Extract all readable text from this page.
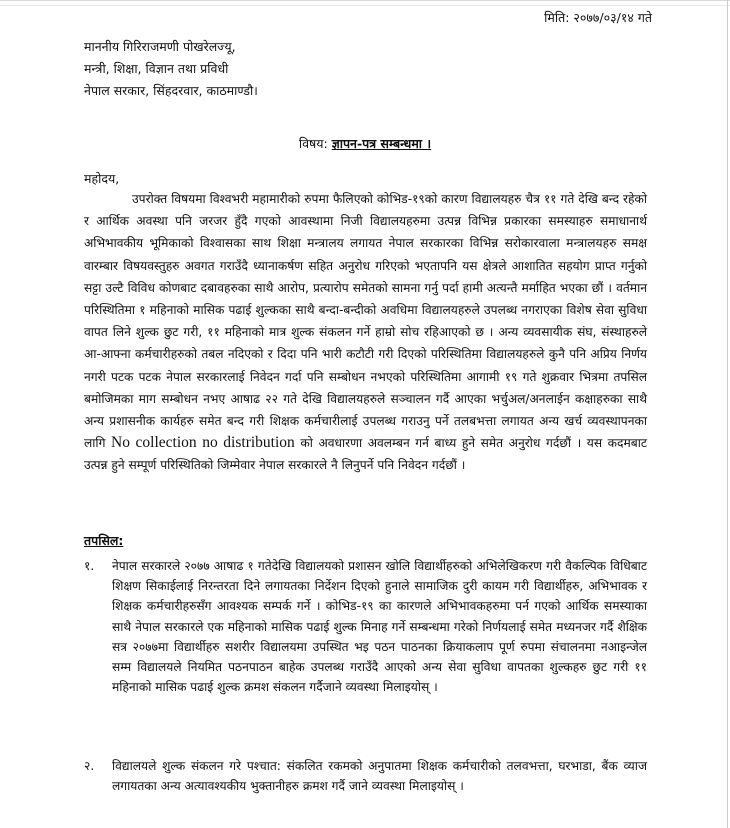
मिति: २०७७/०३/१४ गते
माननीय गिरिराजमणी पोखरेलज्यू,
मन्त्री, शिक्षा, विज्ञान तथा प्रविधी
नेपाल सरकार, सिंहदरवार, काठमाण्डौ।
विषय: ज्ञापन-पत्र सम्बन्धमा ।
महोदय,
उपरोक्त विषयमा विश्वभरी महामारीको रुपमा फैलिएको कोभिड-१९को कारण विद्यालयहरु चैत्र ११ गते देखि बन्द रहेको र आर्थिक अवस्था पनि जरजर हुँदै गएको आवस्थामा निजी विद्यालयहरुमा उत्पन्न विभिन्न प्रकारका समस्याहरु समाधानार्थ अभिभावकीय भूमिकाको विश्वासका साथ शिक्षा मन्त्रालय लगायत नेपाल सरकारका विभिन्न सरोकारवाला मन्त्रालयहरु समक्ष वारम्बार विषयवस्तुहरु अवगत गराउँदै ध्यानाकर्षण सहित अनुरोध गरिएको भएतापनि यस क्षेत्रले आशातित सहयोग प्राप्त गर्नुको सट्टा उल्टै विविध कोणबाट दबावहरुका साथै आरोप, प्रत्यारोप समेतको सामना गर्नु पर्दा हामी अत्यन्तै मर्माहित भएका छौं । वर्तमान परिस्थितिमा १ महिनाको मासिक पढाई शुल्कका साथै बन्दा-बन्दीको अवधिमा विद्यालयहरुले उपलब्ध नगराएका विशेष सेवा सुविधा वापत लिने शुल्क छुट गरी, ११ महिनाको मात्र शुल्क संकलन गर्ने हाम्रो सोच रहिआएको छ । अन्य व्यवसायीक संघ, संस्थाहरुले आ-आफ्ना कर्मचारीहरुको तबल नदिएको र दिदा पनि भारी कटौटी गरी दिएको परिस्थितिमा विद्यालयहरुले कुनै पनि अप्रिय निर्णय नगरी पटक पटक नेपाल सरकारलाई निवेदन गर्दा पनि सम्बोधन नभएको परिस्थितिमा आगामी १९ गते शुक्रवार भित्रमा तपसिल बमोजिमका माग सम्बोधन नभए आषाढ २२ गते देखि विद्यालयहरुले सञ्चालन गर्दै आएका भर्चुअल/अनलाईन कक्षाहरुका साथै अन्य प्रशासनीक कार्यहरु समेत बन्द गरी शिक्षक कर्मचारीलाई उपलब्ध गराउनु पर्ने तलबभत्ता लगायत अन्य खर्च व्यवस्थापनका लागि No collection no distribution को अवधारणा अवलम्बन गर्न बाध्य हुने समेत अनुरोध गर्दछौं । यस कदमबाट उत्पन्न हुने सम्पूर्ण परिस्थितिको जिम्मेवार नेपाल सरकारले नै लिनुपर्ने पनि निवेदन गर्दछौं ।
तपसिल:
१.	नेपाल सरकारले २०७७ आषाढ १ गतेदेखि विद्यालयको प्रशासन खोलि विद्यार्थीहरुको अभिलेखिकरण गरी वैकल्पिक विधिबाट शिक्षण सिकाईलाई निरन्तरता दिने लगायतका निर्देशन दिएको हुनाले सामाजिक दुरी कायम गरी विद्यार्थीहरु, अभिभावक र शिक्षक कर्मचारीहरुसँग आवश्यक सम्पर्क गर्ने । कोभिड-१९ का कारणले अभिभावकहरुमा पर्न गएको आर्थिक समस्याका साथै नेपाल सरकारले एक महिनाको मासिक पढाई शुल्क मिनाह गर्ने सम्बन्धमा गरेको निर्णयलाई समेत मध्यनजर गर्दै शैक्षिक सत्र २०७७मा विद्यार्थीहरु सशरीर विद्यालयमा उपस्थित भइ पठन पाठनका क्रियाकलाप पूर्ण रुपमा संचालनमा नआइन्जेल सम्म विद्यालयले नियमित पठनपाठन बाहेक उपलब्ध गराउँदै आएको अन्य सेवा सुविधा वापतका शुल्कहरु छुट गरी ११ महिनाको मासिक पढाई शुल्क क्रमश संकलन गर्दैजाने व्यवस्था मिलाइयोस् ।
२.	विद्यालयले शुल्क संकलन गरे पश्चात: संकलित रकमको अनुपातमा शिक्षक कर्मचारीको तलवभत्ता, घरभाडा, बैंक व्याज लगायतका अन्य अत्यावश्यकीय भुक्तानीहरु क्रमश गर्दै जाने व्यवस्था मिलाइयोस् ।
